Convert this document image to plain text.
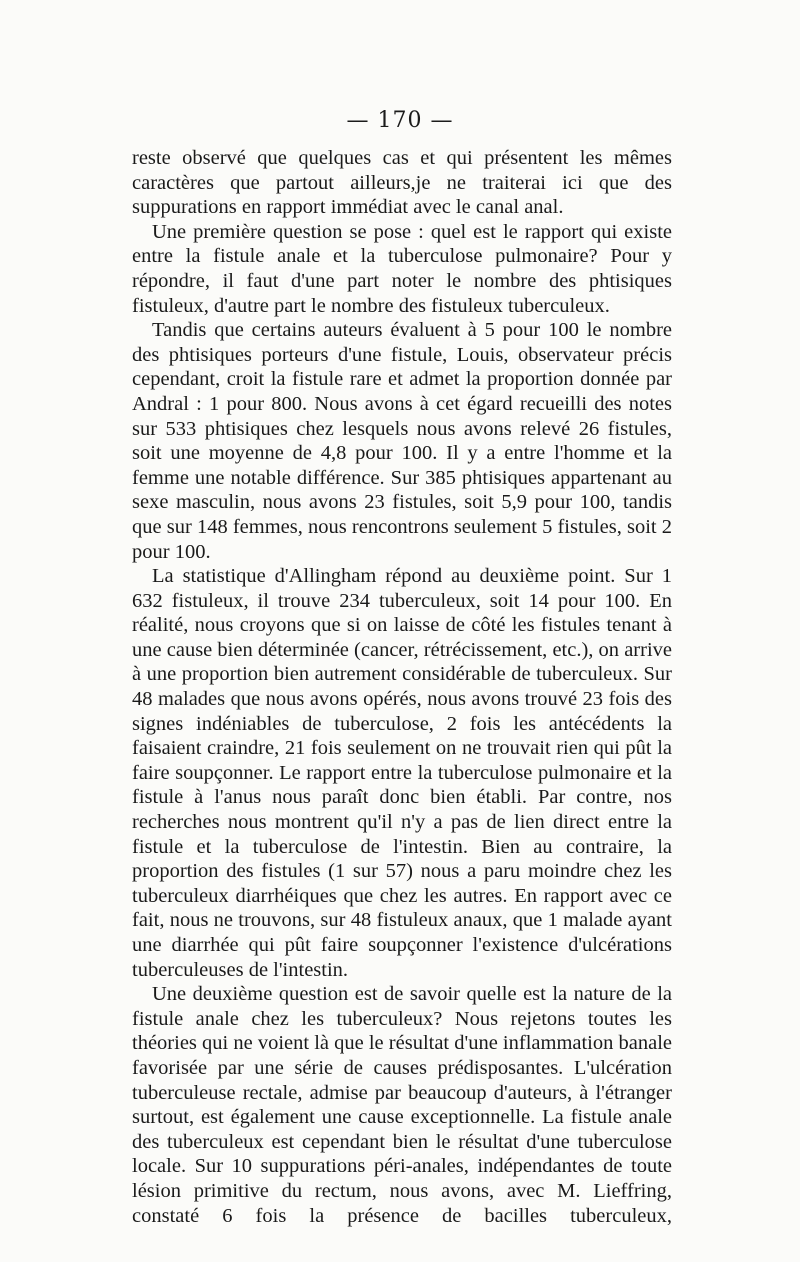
— 170 —

reste observé que quelques cas et qui présentent les mêmes caractères que partout ailleurs,je ne traiterai ici que des suppurations en rapport immédiat avec le canal anal.

Une première question se pose : quel est le rapport qui existe entre la fistule anale et la tuberculose pulmonaire? Pour y répondre, il faut d'une part noter le nombre des phtisiques fistuleux, d'autre part le nombre des fistuleux tuberculeux.

Tandis que certains auteurs évaluent à 5 pour 100 le nombre des phtisiques porteurs d'une fistule, Louis, observateur précis cependant, croit la fistule rare et admet la proportion donnée par Andral : 1 pour 800. Nous avons à cet égard recueilli des notes sur 533 phtisiques chez lesquels nous avons relevé 26 fistules, soit une moyenne de 4,8 pour 100. Il y a entre l'homme et la femme une notable différence. Sur 385 phtisiques appartenant au sexe masculin, nous avons 23 fistules, soit 5,9 pour 100, tandis que sur 148 femmes, nous rencontrons seulement 5 fistules, soit 2 pour 100.

La statistique d'Allingham répond au deuxième point. Sur 1 632 fistuleux, il trouve 234 tuberculeux, soit 14 pour 100. En réalité, nous croyons que si on laisse de côté les fistules tenant à une cause bien déterminée (cancer, rétrécissement, etc.), on arrive à une proportion bien autrement considérable de tuberculeux. Sur 48 malades que nous avons opérés, nous avons trouvé 23 fois des signes indéniables de tuberculose, 2 fois les antécédents la faisaient craindre, 21 fois seulement on ne trouvait rien qui pût la faire soupçonner. Le rapport entre la tuberculose pulmonaire et la fistule à l'anus nous paraît donc bien établi. Par contre, nos recherches nous montrent qu'il n'y a pas de lien direct entre la fistule et la tuberculose de l'intestin. Bien au contraire, la proportion des fistules (1 sur 57) nous a paru moindre chez les tuberculeux diarrhéiques que chez les autres. En rapport avec ce fait, nous ne trouvons, sur 48 fistuleux anaux, que 1 malade ayant une diarrhée qui pût faire soupçonner l'existence d'ulcérations tuberculeuses de l'intestin.

Une deuxième question est de savoir quelle est la nature de la fistule anale chez les tuberculeux? Nous rejetons toutes les théories qui ne voient là que le résultat d'une inflammation banale favorisée par une série de causes prédisposantes. L'ulcération tuberculeuse rectale, admise par beaucoup d'auteurs, à l'étranger surtout, est également une cause exceptionnelle. La fistule anale des tuberculeux est cependant bien le résultat d'une tuberculose locale. Sur 10 suppurations péri-anales, indépendantes de toute lésion primitive du rectum, nous avons, avec M. Lieffring, constaté 6 fois la présence de bacilles tuberculeux,
